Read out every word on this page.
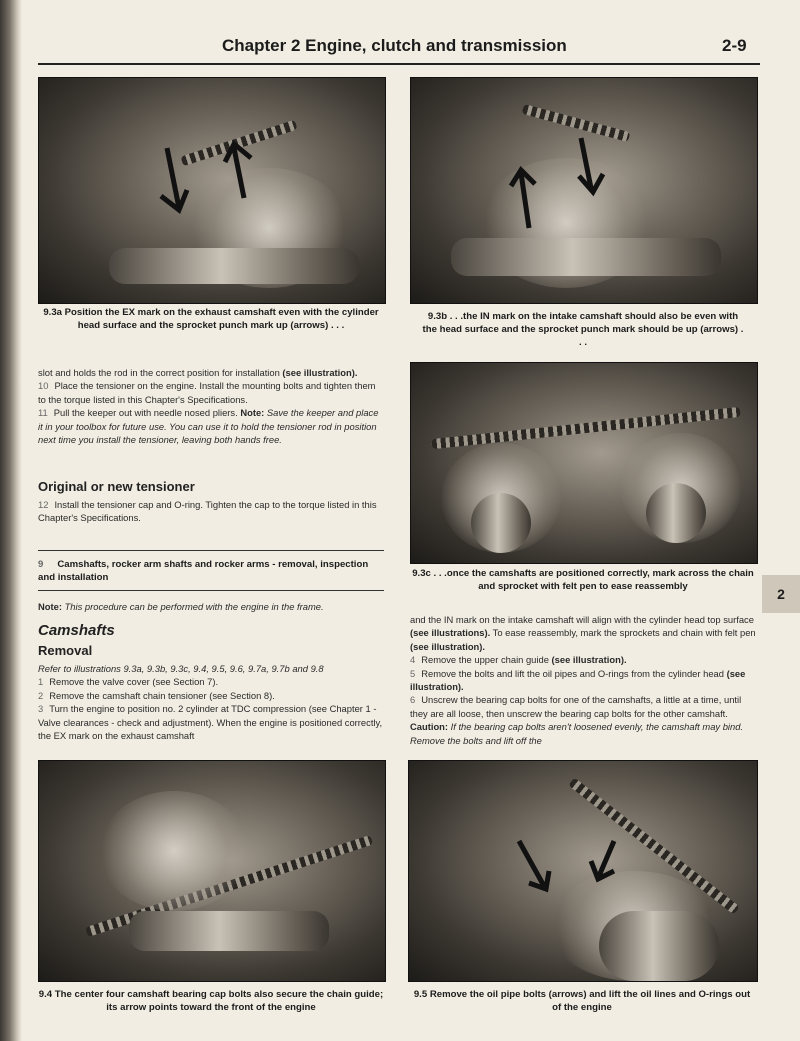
Chapter 2 Engine, clutch and transmission	2-9
9.3a Position the EX mark on the exhaust camshaft even with the cylinder head surface and the sprocket punch mark up (arrows) . . .
9.3b . . .the IN mark on the intake camshaft should also be even with the head surface and the sprocket punch mark should be up (arrows) . . .

slot and holds the rod in the correct position for installation (see illustration).

10 Place the tensioner on the engine. Install the mounting bolts and tighten them to the torque listed in this Chapter's Specifications.

11 Pull the keeper out with needle nosed pliers. Note: Save the keeper and place it in your toolbox for future use. You can use it to hold the tensioner rod in position next time you install the tensioner, leaving both hands free.

Original or new tensioner

12 Install the tensioner cap and O-ring. Tighten the cap to the torque listed in this Chapter's Specifications.

9 Camshafts, rocker arm shafts and rocker arms - removal, inspection and installation
Note: This procedure can be performed with the engine in the frame.
Camshafts
Removal

Refer to illustrations 9.3a, 9.3b, 9.3c, 9.4, 9.5, 9.6, 9.7a, 9.7b and 9.8

1 Remove the valve cover (see Section 7).

2 Remove the camshaft chain tensioner (see Section 8).

3 Turn the engine to position no. 2 cylinder at TDC compression (see Chapter 1 - Valve clearances - check and adjustment). When the engine is positioned correctly, the EX mark on the exhaust camshaft

9.3c . . .once the camshafts are positioned correctly, mark across the chain and sprocket with felt pen to ease reassembly

and the IN mark on the intake camshaft will align with the cylinder head top surface (see illustrations). To ease reassembly, mark the sprockets and chain with felt pen (see illustration).

4 Remove the upper chain guide (see illustration).

5 Remove the bolts and lift the oil pipes and O-rings from the cylinder head (see illustration).

6 Unscrew the bearing cap bolts for one of the camshafts, a little at a time, until they are all loose, then unscrew the bearing cap bolts for the other camshaft. Caution: If the bearing cap bolts aren't loosened evenly, the camshaft may bind. Remove the bolts and lift off the

2
9.4 The center four camshaft bearing cap bolts also secure the chain guide; its arrow points toward the front of the engine
9.5 Remove the oil pipe bolts (arrows) and lift the oil lines and O-rings out of the engine
